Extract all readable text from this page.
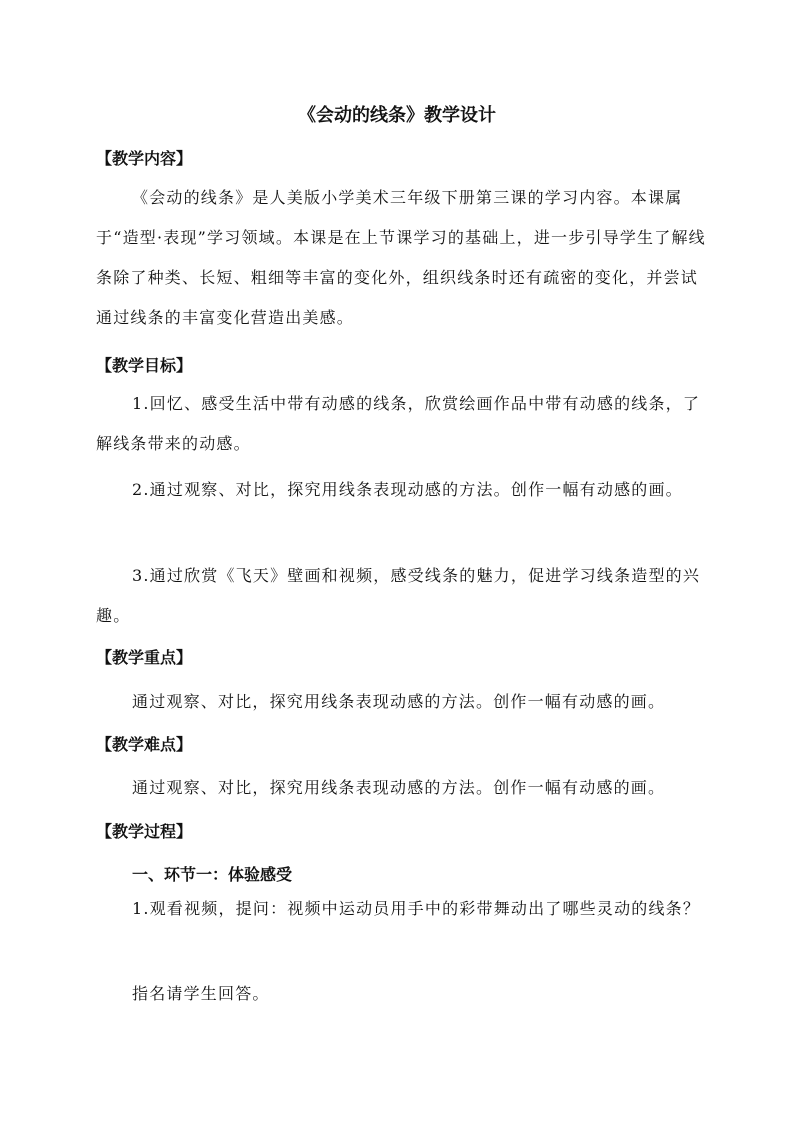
《会动的线条》教学设计
【教学内容】

《会动的线条》是人美版小学美术三年级下册第三课的学习内容。本课属于“造型·表现”学习领域。本课是在上节课学习的基础上，进一步引导学生了解线条除了种类、长短、粗细等丰富的变化外，组织线条时还有疏密的变化，并尝试通过线条的丰富变化营造出美感。

【教学目标】

1.回忆、感受生活中带有动感的线条，欣赏绘画作品中带有动感的线条，了解线条带来的动感。

2.通过观察、对比，探究用线条表现动感的方法。创作一幅有动感的画。

3.通过欣赏《飞天》壁画和视频，感受线条的魅力，促进学习线条造型的兴趣。

【教学重点】
通过观察、对比，探究用线条表现动感的方法。创作一幅有动感的画。
【教学难点】
通过观察、对比，探究用线条表现动感的方法。创作一幅有动感的画。
【教学过程】
一、环节一：体验感受

1.观看视频，提问：视频中运动员用手中的彩带舞动出了哪些灵动的线条？

指名请学生回答。
